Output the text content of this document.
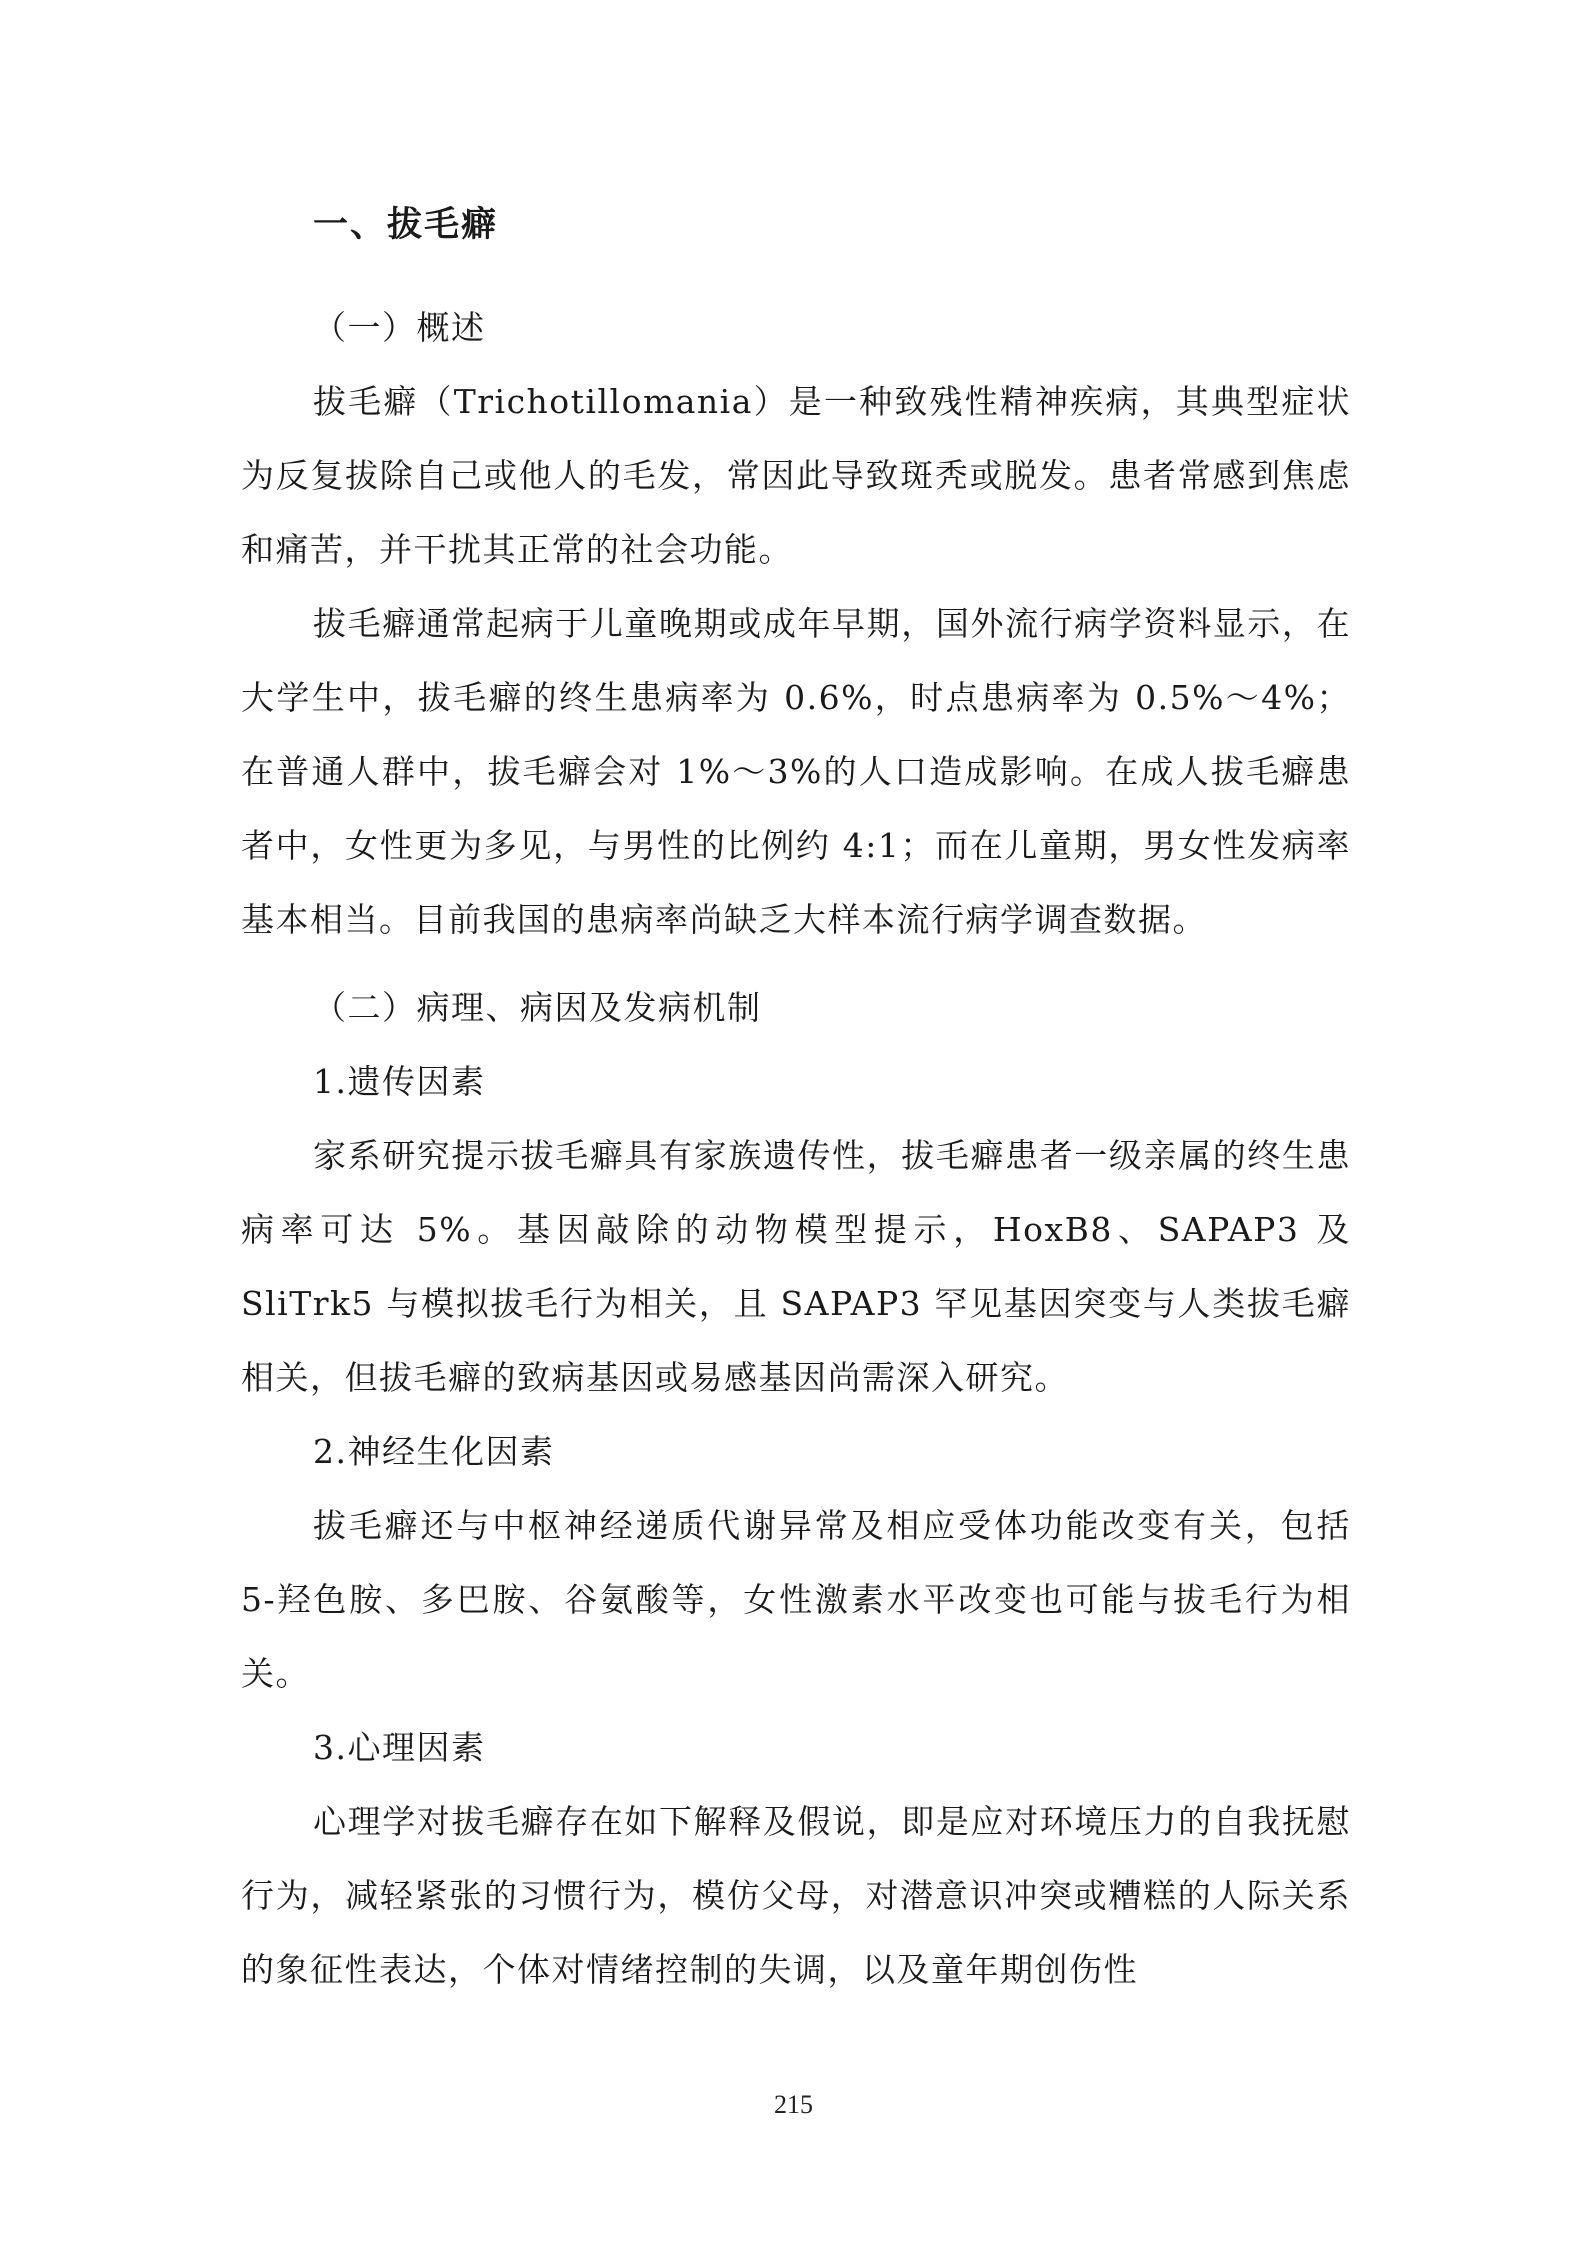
一、拔毛癖
（一）概述

拔毛癖（Trichotillomania）是一种致残性精神疾病，其典型症状为反复拔除自己或他人的毛发，常因此导致斑秃或脱发。患者常感到焦虑和痛苦，并干扰其正常的社会功能。

拔毛癖通常起病于儿童晚期或成年早期，国外流行病学资料显示，在大学生中，拔毛癖的终生患病率为 0.6%，时点患病率为 0.5%～4%；在普通人群中，拔毛癖会对 1%～3%的人口造成影响。在成人拔毛癖患者中，女性更为多见，与男性的比例约 4:1；而在儿童期，男女性发病率基本相当。目前我国的患病率尚缺乏大样本流行病学调查数据。

（二）病理、病因及发病机制
1.遗传因素

家系研究提示拔毛癖具有家族遗传性，拔毛癖患者一级亲属的终生患病率可达 5%。基因敲除的动物模型提示，HoxB8、SAPAP3 及 SliTrk5 与模拟拔毛行为相关，且 SAPAP3 罕见基因突变与人类拔毛癖相关，但拔毛癖的致病基因或易感基因尚需深入研究。

2.神经生化因素

拔毛癖还与中枢神经递质代谢异常及相应受体功能改变有关，包括 5-羟色胺、多巴胺、谷氨酸等，女性激素水平改变也可能与拔毛行为相关。

3.心理因素

心理学对拔毛癖存在如下解释及假说，即是应对环境压力的自我抚慰行为，减轻紧张的习惯行为，模仿父母，对潜意识冲突或糟糕的人际关系的象征性表达，个体对情绪控制的失调，以及童年期创伤性

215
